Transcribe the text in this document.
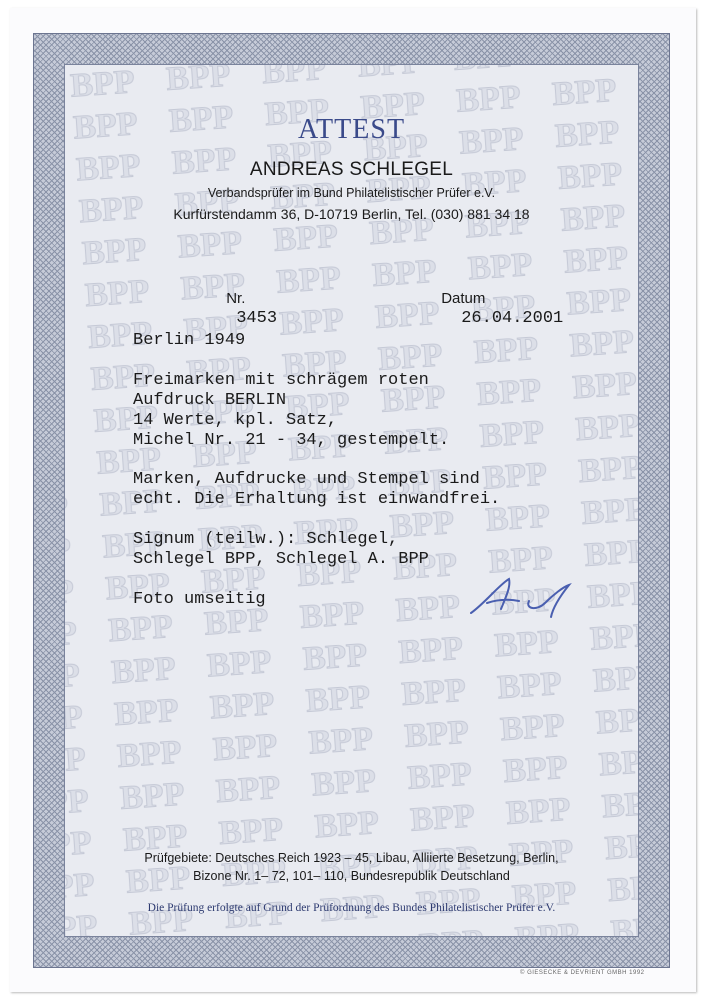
ATTEST
ANDREAS SCHLEGEL
Verbandsprüfer im Bund Philatelistischer Prüfer e.V.
Kurfürstendamm 36, D-10719 Berlin, Tel. (030) 881 34 18

Nr.
3453

Datum
26.04.2001

Berlin 1949
Freimarken mit schrägem roten
Aufdruck BERLIN
14 Werte, kpl. Satz,
Michel Nr. 21 - 34, gestempelt.
Marken, Aufdrucke und Stempel sind
echt. Die Erhaltung ist einwandfrei.
Signum (teilw.): Schlegel,
Schlegel BPP, Schlegel A. BPP
Foto umseitig
Prüfgebiete: Deutsches Reich 1923 – 45, Libau, Alliierte Besetzung, Berlin,
Bizone Nr. 1– 72, 101– 110, Bundesrepublik Deutschland
Die Prüfung erfolgte auf Grund der Prüfordnung des Bundes Philatelistischer Prüfer e.V.
© GIESECKE & DEVRIENT GMBH 1992
